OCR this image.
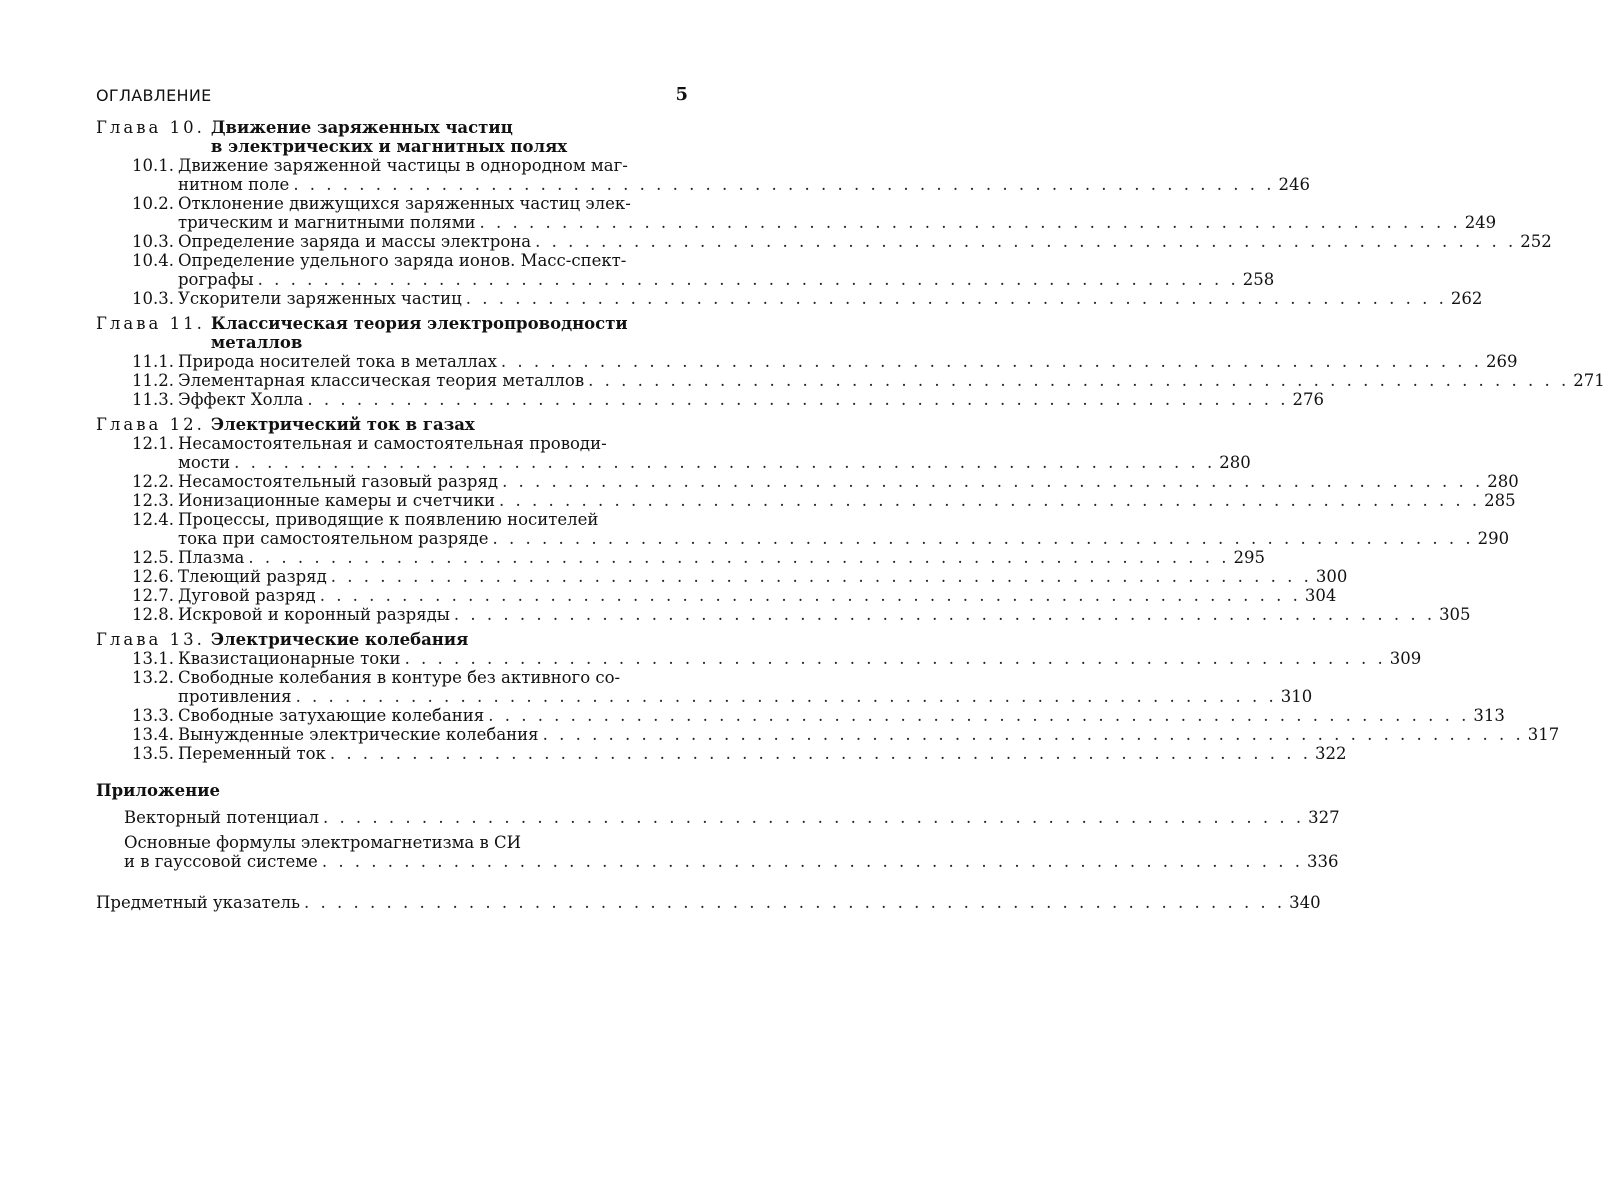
ОГЛАВЛЕНИЕ	5
Глава 10. Движение заряженных частиц
в электрических и магнитных полях
10.1. Движение заряженной частицы в однородном маг-
нитном поле . . . . . . . . . . . . . . . . . . . . . . . . . . . . . . . . . . . . . . . . . . . . . . . . . . . . . . . . . . . . 246
10.2. Отклонение движущихся заряженных частиц элек-
трическим и магнитными полями . . . . . . . . . . . . . . . . . . . . . . . . . . . . . . . . . . . . . . . . . . . . . . . . . . . . . . . . . . . . 249
10.3. Определение заряда и массы электрона . . . . . . . . . . . . . . . . . . . . . . . . . . . . . . . . . . . . . . . . . . . . . . . . . . . . . . . . . . . . 252
10.4. Определение удельного заряда ионов. Масс-спект-
рографы . . . . . . . . . . . . . . . . . . . . . . . . . . . . . . . . . . . . . . . . . . . . . . . . . . . . . . . . . . . . 258
10.3. Ускорители заряженных частиц . . . . . . . . . . . . . . . . . . . . . . . . . . . . . . . . . . . . . . . . . . . . . . . . . . . . . . . . . . . . 262
Глава 11. Классическая теория электропроводности
металлов
11.1. Природа носителей тока в металлах . . . . . . . . . . . . . . . . . . . . . . . . . . . . . . . . . . . . . . . . . . . . . . . . . . . . . . . . . . . . 269
11.2. Элементарная классическая теория металлов . . . . . . . . . . . . . . . . . . . . . . . . . . . . . . . . . . . . . . . . . . . . . . . . . . . . . . . . . . . . 271
11.3. Эффект Холла . . . . . . . . . . . . . . . . . . . . . . . . . . . . . . . . . . . . . . . . . . . . . . . . . . . . . . . . . . . . 276
Глава 12. Электрический ток в газах
12.1. Несамостоятельная и самостоятельная проводи-
мости . . . . . . . . . . . . . . . . . . . . . . . . . . . . . . . . . . . . . . . . . . . . . . . . . . . . . . . . . . . . 280
12.2. Несамостоятельный газовый разряд . . . . . . . . . . . . . . . . . . . . . . . . . . . . . . . . . . . . . . . . . . . . . . . . . . . . . . . . . . . . 280
12.3. Ионизационные камеры и счетчики . . . . . . . . . . . . . . . . . . . . . . . . . . . . . . . . . . . . . . . . . . . . . . . . . . . . . . . . . . . . 285
12.4. Процессы, приводящие к появлению носителей
тока при самостоятельном разряде . . . . . . . . . . . . . . . . . . . . . . . . . . . . . . . . . . . . . . . . . . . . . . . . . . . . . . . . . . . . 290
12.5. Плазма . . . . . . . . . . . . . . . . . . . . . . . . . . . . . . . . . . . . . . . . . . . . . . . . . . . . . . . . . . . . 295
12.6. Тлеющий разряд . . . . . . . . . . . . . . . . . . . . . . . . . . . . . . . . . . . . . . . . . . . . . . . . . . . . . . . . . . . . 300
12.7. Дуговой разряд . . . . . . . . . . . . . . . . . . . . . . . . . . . . . . . . . . . . . . . . . . . . . . . . . . . . . . . . . . . . 304
12.8. Искровой и коронный разряды . . . . . . . . . . . . . . . . . . . . . . . . . . . . . . . . . . . . . . . . . . . . . . . . . . . . . . . . . . . . 305
Глава 13. Электрические колебания
13.1. Квазистационарные токи . . . . . . . . . . . . . . . . . . . . . . . . . . . . . . . . . . . . . . . . . . . . . . . . . . . . . . . . . . . . 309
13.2. Свободные колебания в контуре без активного со-
противления . . . . . . . . . . . . . . . . . . . . . . . . . . . . . . . . . . . . . . . . . . . . . . . . . . . . . . . . . . . . 310
13.3. Свободные затухающие колебания . . . . . . . . . . . . . . . . . . . . . . . . . . . . . . . . . . . . . . . . . . . . . . . . . . . . . . . . . . . . 313
13.4. Вынужденные электрические колебания . . . . . . . . . . . . . . . . . . . . . . . . . . . . . . . . . . . . . . . . . . . . . . . . . . . . . . . . . . . . 317
13.5. Переменный ток . . . . . . . . . . . . . . . . . . . . . . . . . . . . . . . . . . . . . . . . . . . . . . . . . . . . . . . . . . . . 322
Приложение
Векторный потенциал . . . . . . . . . . . . . . . . . . . . . . . . . . . . . . . . . . . . . . . . . . . . . . . . . . . . . . . . . . . . 327
Основные формулы электромагнетизма в СИ
и в гауссовой системе . . . . . . . . . . . . . . . . . . . . . . . . . . . . . . . . . . . . . . . . . . . . . . . . . . . . . . . . . . . . 336
Предметный указатель . . . . . . . . . . . . . . . . . . . . . . . . . . . . . . . . . . . . . . . . . . . . . . . . . . . . . . . . . . . . 340
